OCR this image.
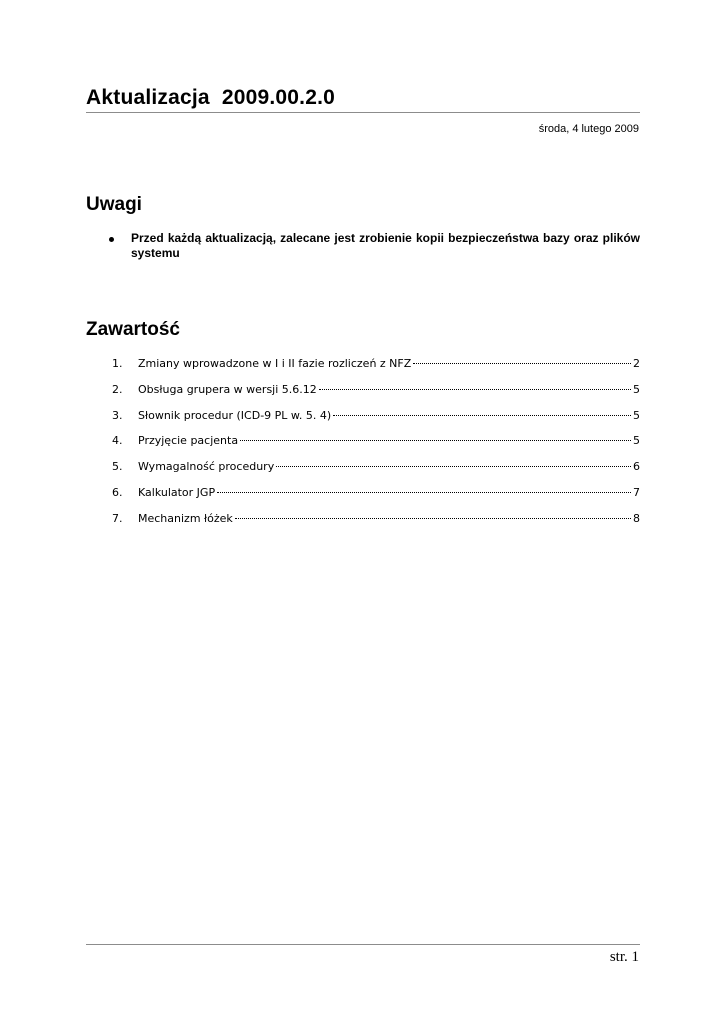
Aktualizacja  2009.00.2.0
środa, 4 lutego 2009
Uwagi
Przed każdą aktualizacją, zalecane jest zrobienie kopii bezpieczeństwa bazy oraz plików systemu
Zawartość
1.	Zmiany wprowadzone w I i II fazie rozliczeń z NFZ	2
2.	Obsługa grupera w wersji 5.6.12	5
3.	Słownik procedur (ICD-9 PL w. 5. 4)	5
4.	Przyjęcie pacjenta	5
5.	Wymagalność procedury	6
6.	Kalkulator JGP	7
7.	Mechanizm łóżek	8
str. 1
